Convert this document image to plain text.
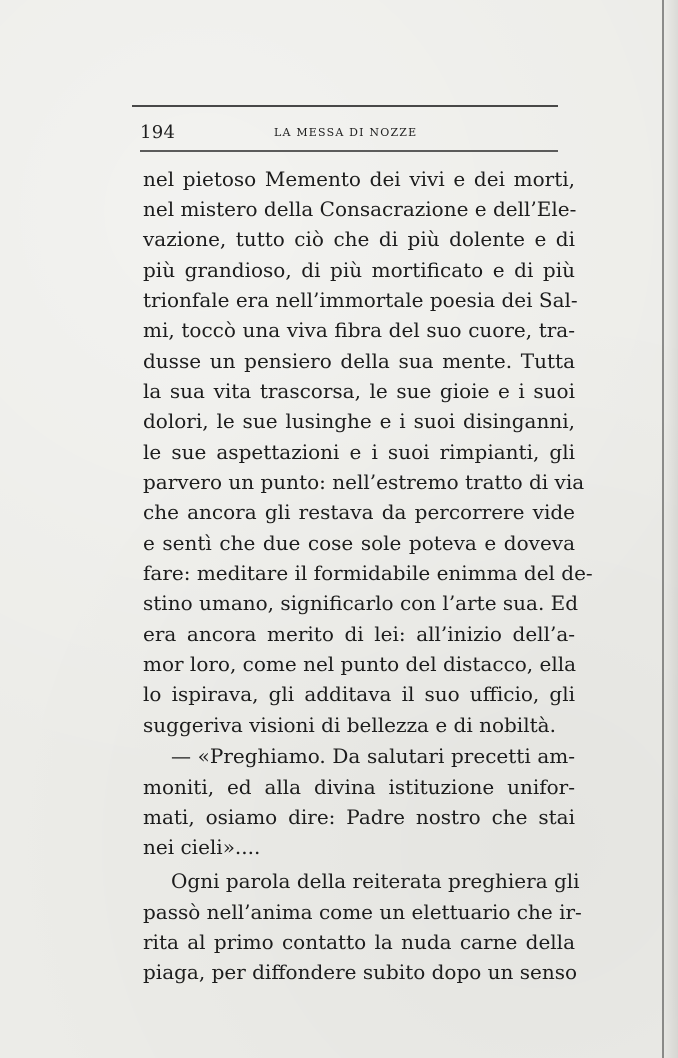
194	LA MESSA DI NOZZE
nel pietoso Memento dei vivi e dei morti,
nel mistero della Consacrazione e dell’Ele-
vazione, tutto ciò che di più dolente e di
più grandioso, di più mortificato e di più
trionfale era nell’immortale poesia dei Sal-
mi, toccò una viva fibra del suo cuore, tra-
dusse un pensiero della sua mente. Tutta
la sua vita trascorsa, le sue gioie e i suoi
dolori, le sue lusinghe e i suoi disinganni,
le sue aspettazioni e i suoi rimpianti, gli
parvero un punto: nell’estremo tratto di via
che ancora gli restava da percorrere vide
e sentì che due cose sole poteva e doveva
fare: meditare il formidabile enimma del de-
stino umano, significarlo con l’arte sua. Ed
era ancora merito di lei: all’inizio dell’a-
mor loro, come nel punto del distacco, ella
lo ispirava, gli additava il suo ufficio, gli
suggeriva visioni di bellezza e di nobiltà.
— «Preghiamo. Da salutari precetti am-
moniti, ed alla divina istituzione unifor-
mati, osiamo dire: Padre nostro che stai
nei cieli»....
Ogni parola della reiterata preghiera gli
passò nell’anima come un elettuario che ir-
rita al primo contatto la nuda carne della
piaga, per diffondere subito dopo un senso
